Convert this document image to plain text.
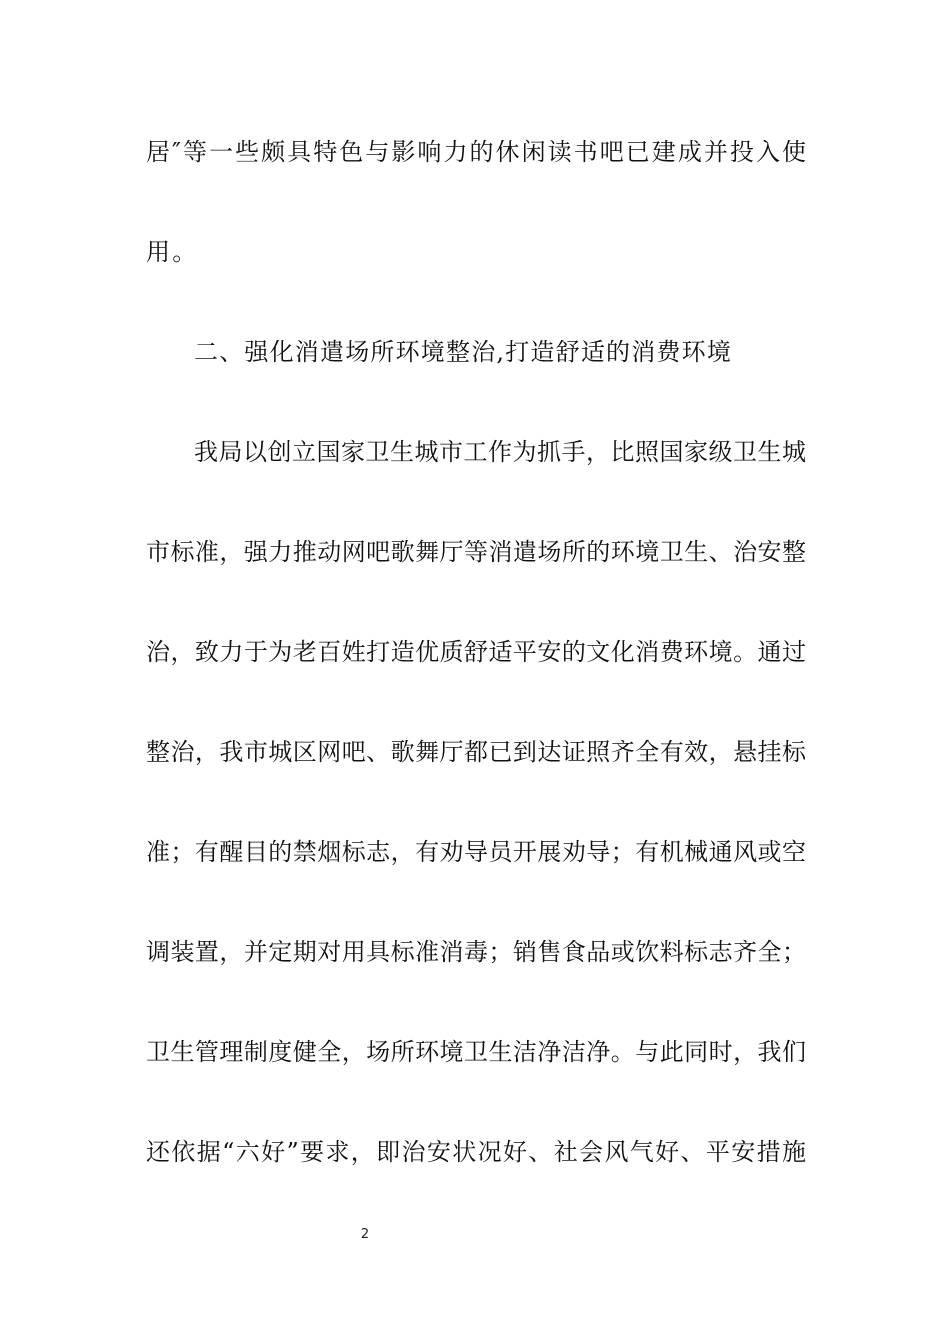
居″等一些颇具特色与影响力的休闲读书吧已建成并投入使
用。
二、强化消遣场所环境整治,打造舒适的消费环境
我局以创立国家卫生城市工作为抓手，比照国家级卫生城
市标准，强力推动网吧歌舞厅等消遣场所的环境卫生、治安整
治，致力于为老百姓打造优质舒适平安的文化消费环境。通过
整治，我市城区网吧、歌舞厅都已到达证照齐全有效，悬挂标
准；有醒目的禁烟标志，有劝导员开展劝导；有机械通风或空
调装置，并定期对用具标准消毒；销售食品或饮料标志齐全；
卫生管理制度健全，场所环境卫生洁净洁净。与此同时，我们
还依据“六好”要求，即治安状况好、社会风气好、平安措施
2
